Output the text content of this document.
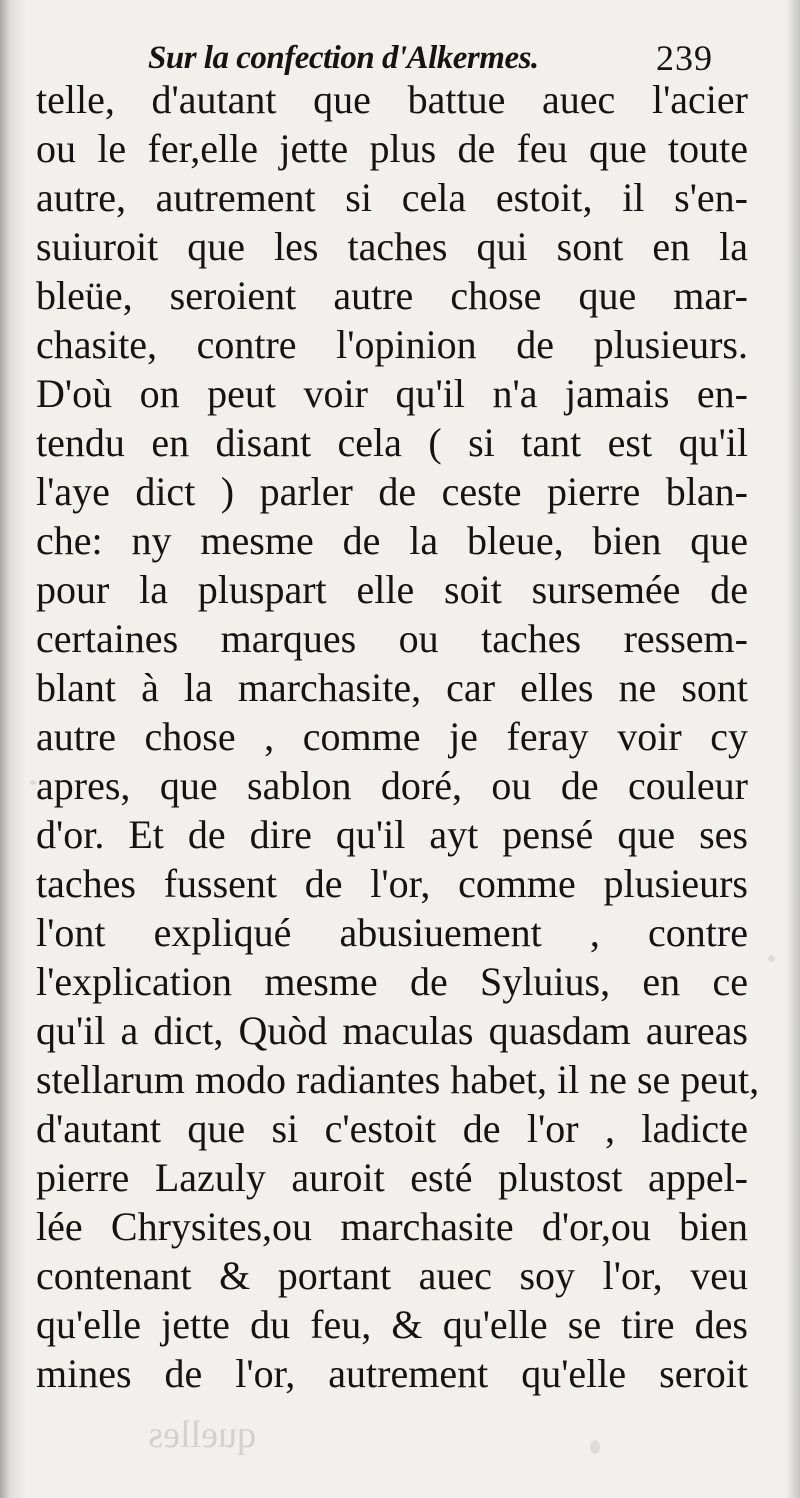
Sur la confection d'Alkermes.	239
telle, d'autant que battue auec l'acier
ou le fer,elle jette plus de feu que toute
autre, autrement si cela estoit, il s'en-
suiuroit que les taches qui sont en la
bleüe, seroient autre chose que mar-
chasite, contre l'opinion de plusieurs.
D'où on peut voir qu'il n'a jamais en-
tendu en disant cela ( si tant est qu'il
l'aye dict ) parler de ceste pierre blan-
che: ny mesme de la bleue, bien que
pour la pluspart elle soit sursemée de
certaines marques ou taches ressem-
blant à la marchasite, car elles ne sont
autre chose , comme je feray voir cy
apres, que sablon doré, ou de couleur
d'or. Et de dire qu'il ayt pensé que ses
taches fussent de l'or, comme plusieurs
l'ont expliqué abusiuement , contre
l'explication mesme de Syluius, en ce
qu'il a dict, Quòd maculas quasdam aureas
stellarum modo radiantes habet, il ne se peut,
d'autant que si c'estoit de l'or , ladicte
pierre Lazuly auroit esté plustost appel-
lée Chrysites,ou marchasite d'or,ou bien
contenant & portant auec soy l'or, veu
qu'elle jette du feu, & qu'elle se tire des
mines de l'or, autrement qu'elle seroit
quelles
